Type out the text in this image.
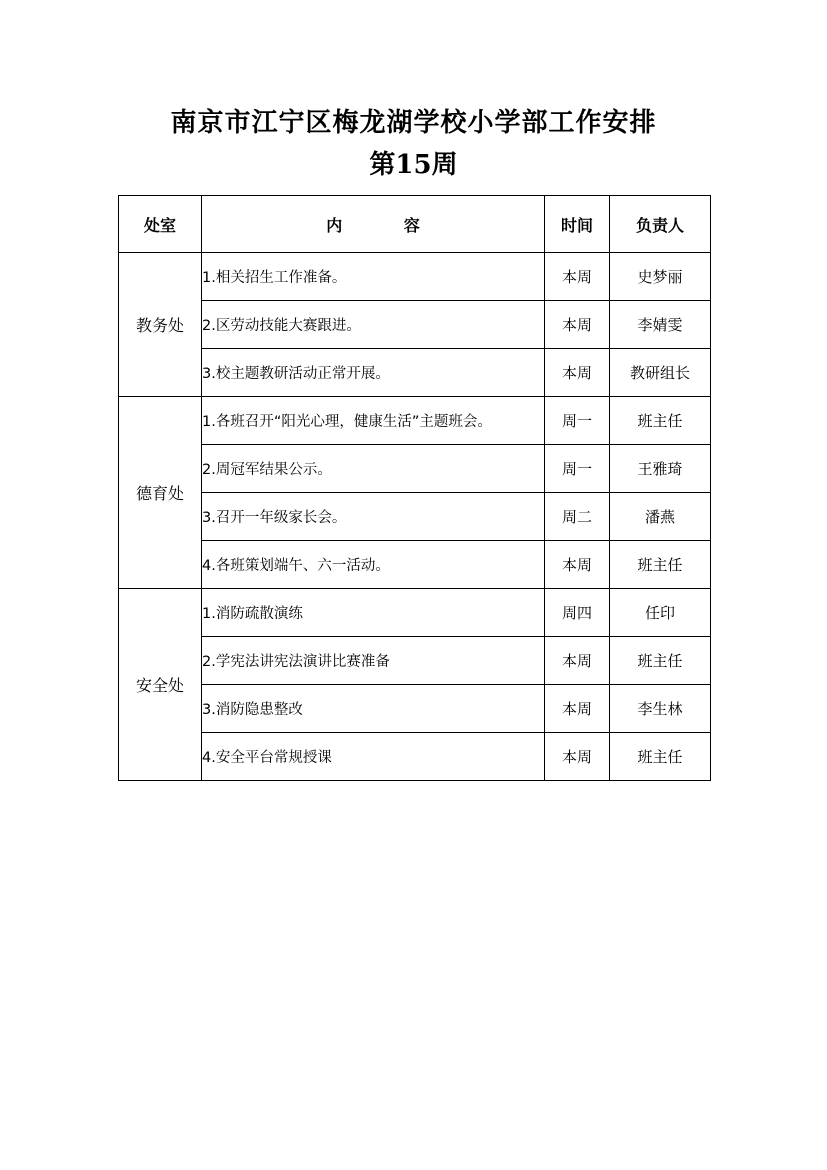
南京市江宁区梅龙湖学校小学部工作安排
第15周
处室	内 容	时间	负责人
教务处	1.相关招生工作准备。	本周	史梦丽
	2.区劳动技能大赛跟进。	本周	李婧雯
	3.校主题教研活动正常开展。	本周	教研组长
德育处	1.各班召开“阳光心理，健康生活”主题班会。	周一	班主任
	2.周冠军结果公示。	周一	王雅琦
	3.召开一年级家长会。	周二	潘燕
	4.各班策划端午、六一活动。	本周	班主任
安全处	1.消防疏散演练	周四	任印
	2.学宪法讲宪法演讲比赛准备	本周	班主任
	3.消防隐患整改	本周	李生林
	4.安全平台常规授课	本周	班主任
